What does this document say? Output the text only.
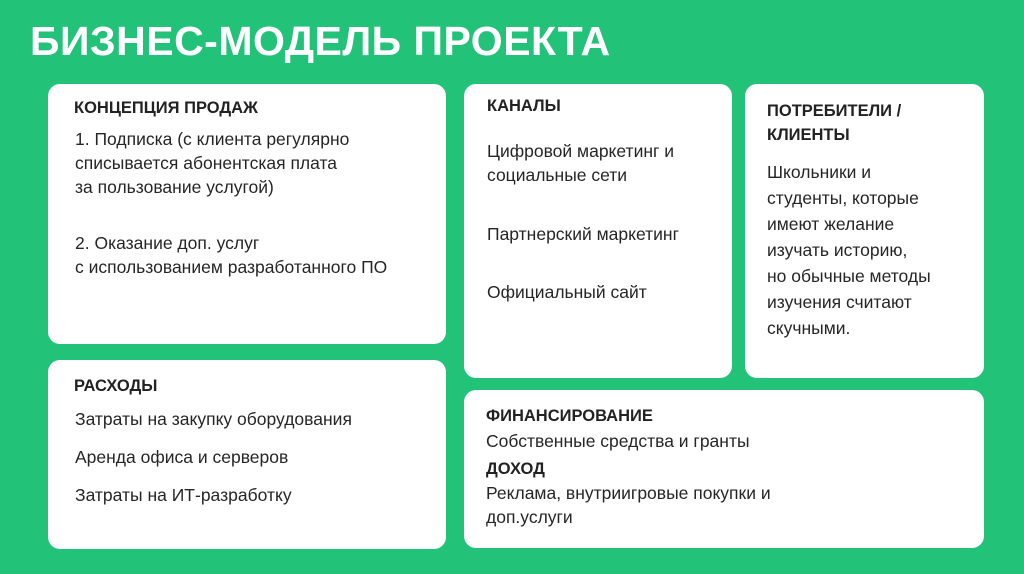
БИЗНЕС-МОДЕЛЬ ПРОЕКТА
КОНЦЕПЦИЯ ПРОДАЖ
1. Подписка (с клиента регулярно
списывается абонентская плата
за пользование услугой)
2. Оказание доп. услуг
с использованием разработанного ПО
КАНАЛЫ
Цифровой маркетинг и
социальные сети
Партнерский маркетинг
Официальный сайт
ПОТРЕБИТЕЛИ /
КЛИЕНТЫ
Школьники и
студенты, которые
имеют желание
изучать историю,
но обычные методы
изучения считают
скучными.
РАСХОДЫ
Затраты на закупку оборудования
Аренда офиса и серверов
Затраты на ИТ-разработку
ФИНАНСИРОВАНИЕ
Собственные средства и гранты
ДОХОД
Реклама, внутриигровые покупки и
доп.услуги
